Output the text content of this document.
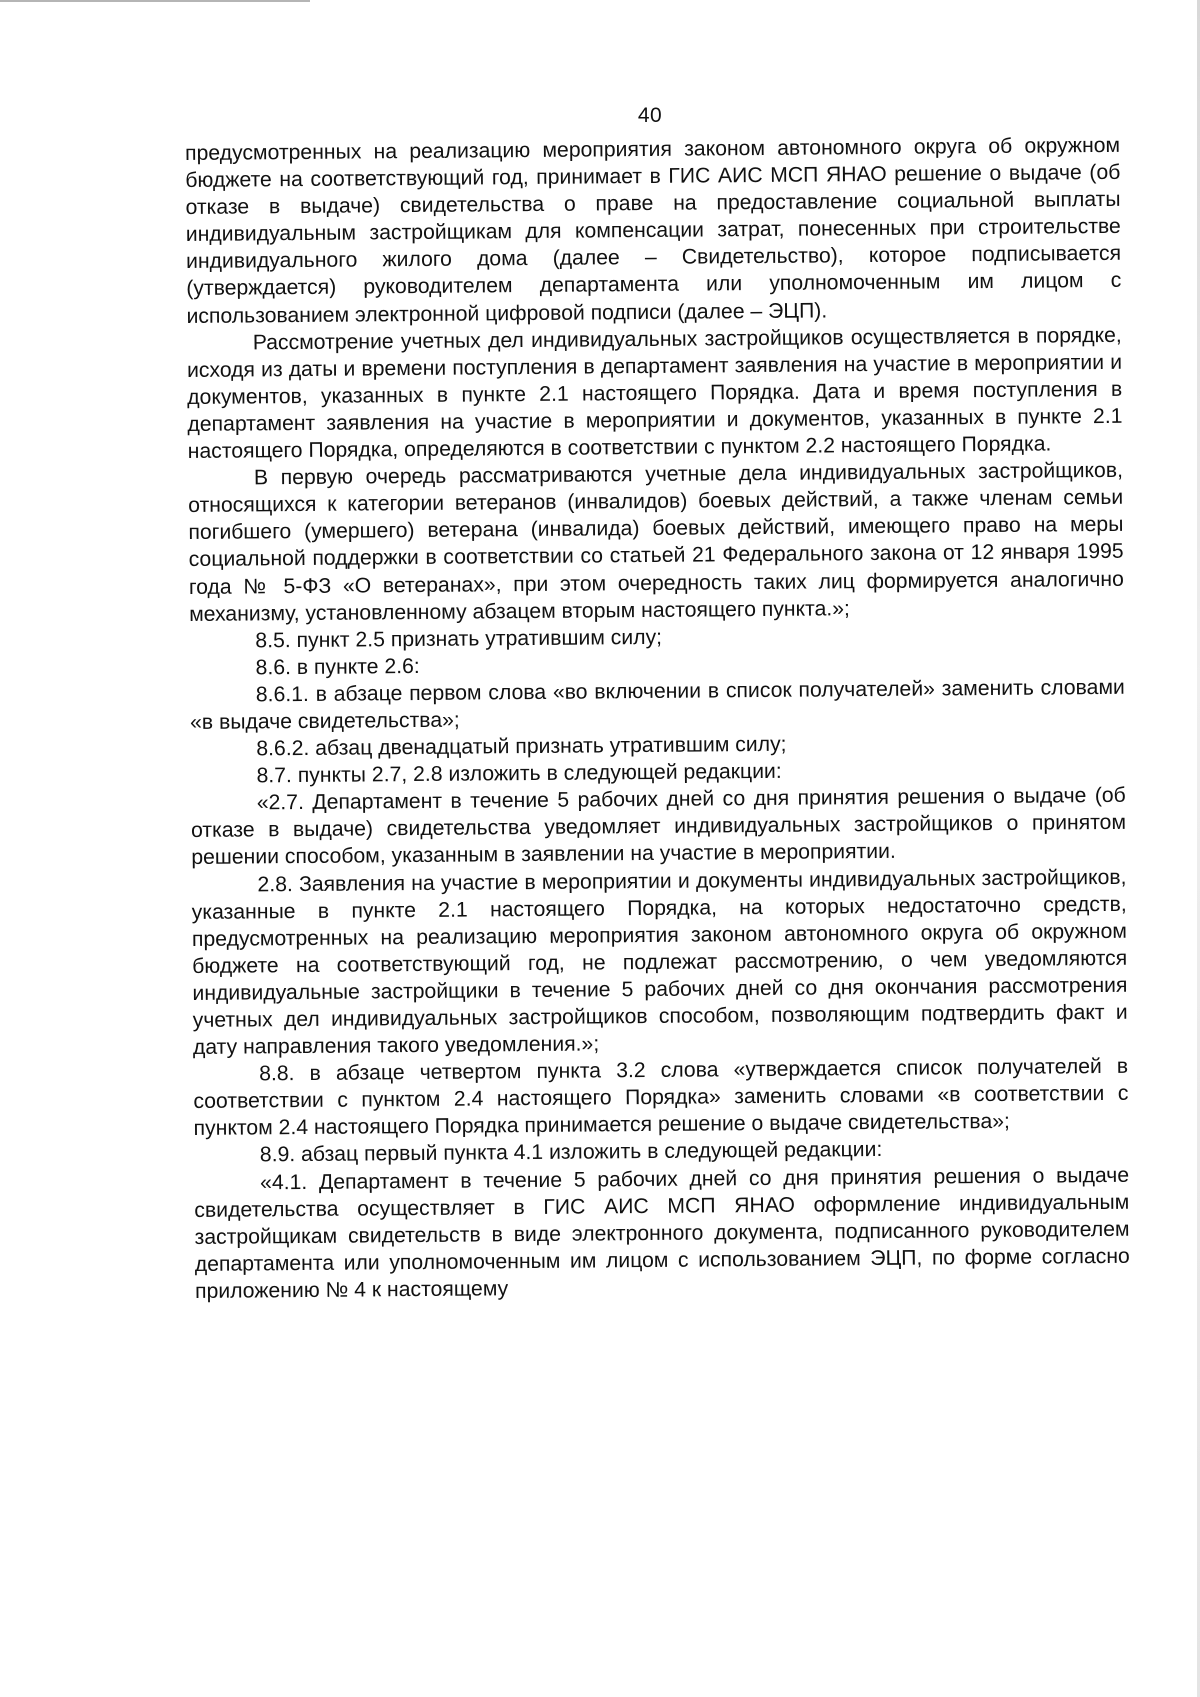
40

предусмотренных на реализацию мероприятия законом автономного округа об окружном бюджете на соответствующий год, принимает в ГИС АИС МСП ЯНАО решение о выдаче (об отказе в выдаче) свидетельства о праве на предоставление социальной выплаты индивидуальным застройщикам для компенсации затрат, понесенных при строительстве индивидуального жилого дома (далее – Свидетельство), которое подписывается (утверждается) руководителем департамента или уполномоченным им лицом с использованием электронной цифровой подписи (далее – ЭЦП).

Рассмотрение учетных дел индивидуальных застройщиков осуществляется в порядке, исходя из даты и времени поступления в департамент заявления на участие в мероприятии и документов, указанных в пункте 2.1 настоящего Порядка. Дата и время поступления в департамент заявления на участие в мероприятии и документов, указанных в пункте 2.1 настоящего Порядка, определяются в соответствии с пунктом 2.2 настоящего Порядка.

В первую очередь рассматриваются учетные дела индивидуальных застройщиков, относящихся к категории ветеранов (инвалидов) боевых действий, а также членам семьи погибшего (умершего) ветерана (инвалида) боевых действий, имеющего право на меры социальной поддержки в соответствии со статьей 21 Федерального закона от 12 января 1995 года № 5-ФЗ «О ветеранах», при этом очередность таких лиц формируется аналогично механизму, установленному абзацем вторым настоящего пункта.»;

8.5. пункт 2.5 признать утратившим силу;

8.6. в пункте 2.6:

8.6.1. в абзаце первом слова «во включении в список получателей» заменить словами «в выдаче свидетельства»;

8.6.2. абзац двенадцатый признать утратившим силу;

8.7. пункты 2.7, 2.8 изложить в следующей редакции:

«2.7. Департамент в течение 5 рабочих дней со дня принятия решения о выдаче (об отказе в выдаче) свидетельства уведомляет индивидуальных застройщиков о принятом решении способом, указанным в заявлении на участие в мероприятии.

2.8. Заявления на участие в мероприятии и документы индивидуальных застройщиков, указанные в пункте 2.1 настоящего Порядка, на которых недостаточно средств, предусмотренных на реализацию мероприятия законом автономного округа об окружном бюджете на соответствующий год, не подлежат рассмотрению, о чем уведомляются индивидуальные застройщики в течение 5 рабочих дней со дня окончания рассмотрения учетных дел индивидуальных застройщиков способом, позволяющим подтвердить факт и дату направления такого уведомления.»;

8.8. в абзаце четвертом пункта 3.2 слова «утверждается список получателей в соответствии с пунктом 2.4 настоящего Порядка» заменить словами «в соответствии с пунктом 2.4 настоящего Порядка принимается решение о выдаче свидетельства»;

8.9. абзац первый пункта 4.1 изложить в следующей редакции:

«4.1. Департамент в течение 5 рабочих дней со дня принятия решения о выдаче свидетельства осуществляет в ГИС АИС МСП ЯНАО оформление индивидуальным застройщикам свидетельств в виде электронного документа, подписанного руководителем департамента или уполномоченным им лицом с использованием ЭЦП, по форме согласно приложению № 4 к настоящему
